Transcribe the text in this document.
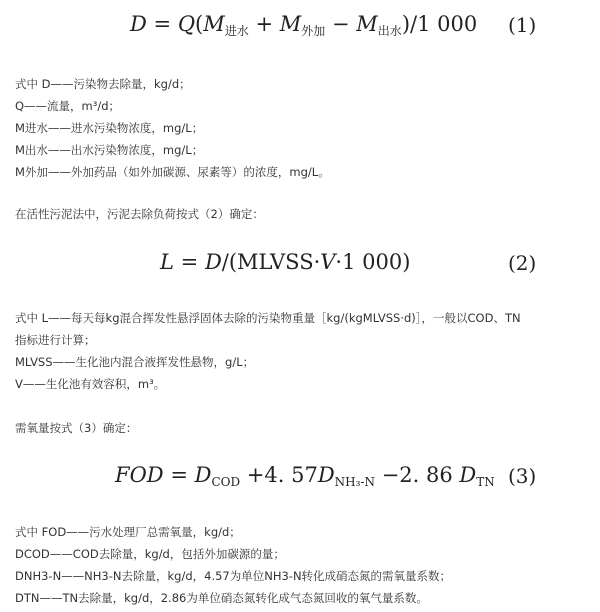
$D = Q(M_{进水} + M_{外加} - M_{出水})/1$ 000 (1)
式中 D——污染物去除量，kg/d；
Q——流量，m³/d；
M进水——进水污染物浓度，mg/L；
M出水——出水污染物浓度，mg/L；
M外加——外加药品（如外加碳源、尿素等）的浓度，mg/L。
在活性污泥法中，污泥去除负荷按式（2）确定：
L = D/(MLVSS·V·1 000)	(2)
式中 L——每天每kg混合挥发性悬浮固体去除的污染物重量［kg/(kgMLVSS·d)］，一般以COD、TN
指标进行计算；
MLVSS——生化池内混合液挥发性悬物，g/L；
V——生化池有效容积，m³。
需氧量按式（3）确定：
FOD = $D_{COD} +4$. $57D_{NH_3-N} -2$. 86 $D_{TN}$ (3)
式中 FOD——污水处理厂总需氧量，kg/d；
DCOD——COD去除量，kg/d，包括外加碳源的量；
DNH3-N——NH3-N去除量，kg/d，4.57为单位NH3-N转化成硝态氮的需氧量系数；
DTN——TN去除量，kg/d，2.86为单位硝态氮转化成气态氮回收的氧气量系数。
